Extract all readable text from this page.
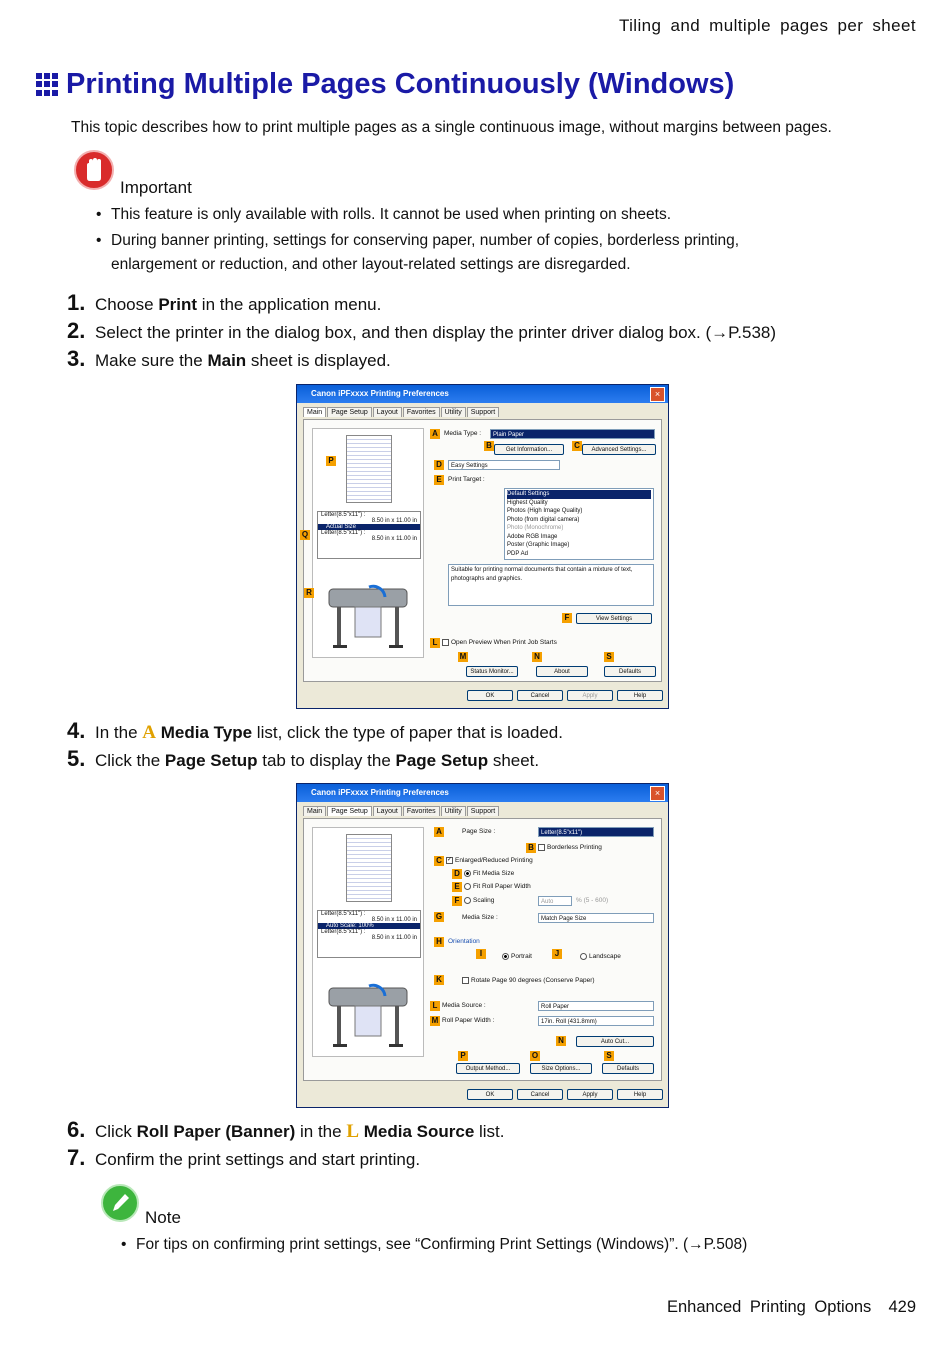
Tiling and multiple pages per sheet
Printing Multiple Pages Continuously (Windows)
This topic describes how to print multiple pages as a single continuous image, without margins between pages.
Important
• This feature is only available with rolls. It cannot be used when printing on sheets.
• During banner printing, settings for conserving paper, number of copies, borderless printing, enlargement or reduction, and other layout-related settings are disregarded.
1. Choose Print in the application menu.
2. Select the printer in the dialog box, and then display the printer driver dialog box. (→P.538)
3. Make sure the Main sheet is displayed.
Canon iPFxxxx Printing Preferences	×
Main	Page Setup	Layout	Favorites	Utility	Support
Letter(8.5"x11") :
8.50 in x 11.00 in
Actual Size
Letter(8.5"x11") :
8.50 in x 11.00 in
A Media Type :	Plain Paper
B	Get Information...	C	Advanced Settings...
D	Easy Settings
E Print Target :
Default Settings
Highest Quality
Photos (High Image Quality)
Photo (from digital camera)
Photo (Monochrome)
Adobe RGB Image
Poster (Graphic Image)
PDP Ad
Suitable for printing normal documents that contain a mixture of text, photographs and graphics.
F	View Settings
L	Open Preview When Print Job Starts
M	N	S
Status Monitor...	About	Defaults
P
Q
R
OK	Cancel	Apply	Help
4. In the A Media Type list, click the type of paper that is loaded.
5. Click the Page Setup tab to display the Page Setup sheet.
Canon iPFxxxx Printing Preferences	×
Main	Page Setup	Layout	Favorites	Utility	Support
Letter(8.5"x11") :
8.50 in x 11.00 in
Auto Scale: 100%
Letter(8.5"x11") :
8.50 in x 11.00 in
A	Page Size :	Letter(8.5"x11")
B	Borderless Printing
C ✓ Enlarged/Reduced Printing
D	Fit Media Size
E	Fit Roll Paper Width
F	Scaling	Auto	% (5 - 600)
G	Media Size :	Match Page Size
H Orientation
I	Portrait	J	Landscape
K	Rotate Page 90 degrees (Conserve Paper)
L Media Source :	Roll Paper
M Roll Paper Width :	17in. Roll (431.8mm)
N	Auto Cut...
P	O	S
Output Method...	Size Options...	Defaults
OK	Cancel	Apply	Help
6. Click Roll Paper (Banner) in the L Media Source list.
7. Confirm the print settings and start printing.
Note
• For tips on confirming print settings, see “Confirming Print Settings (Windows)”. (→P.508)
Enhanced Printing Options 429
